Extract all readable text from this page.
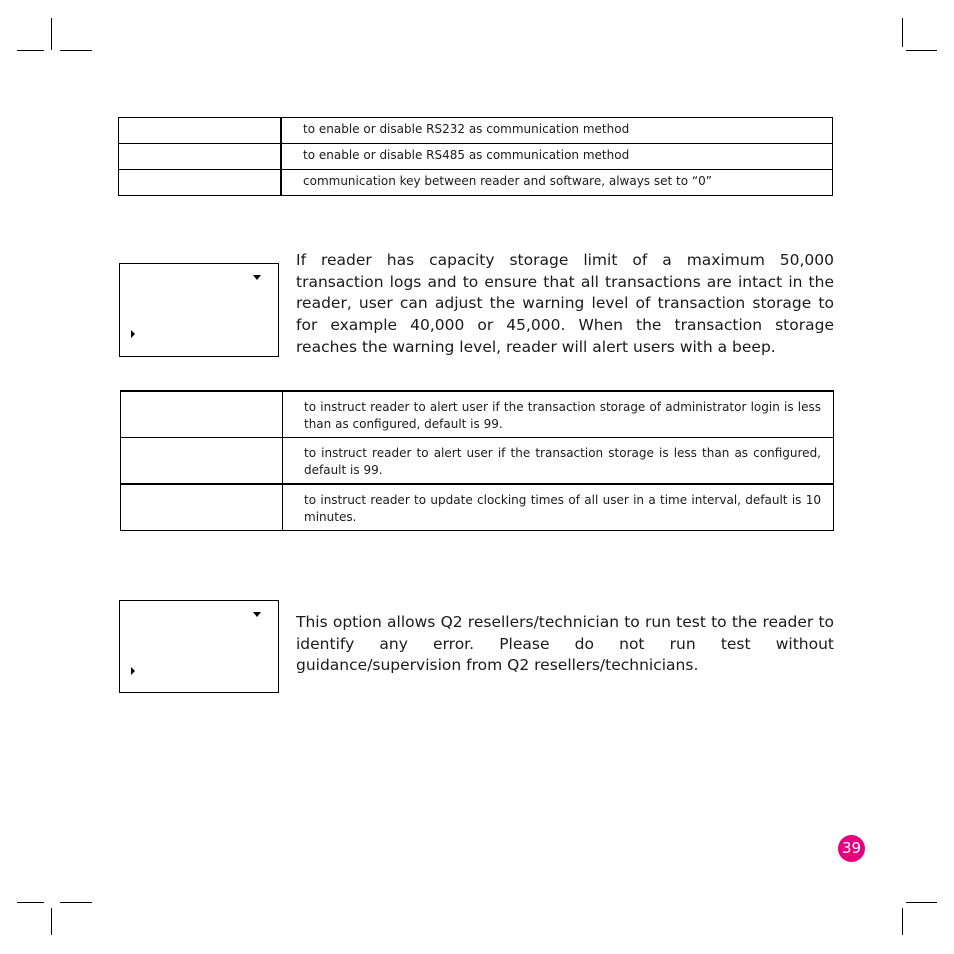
	to enable or disable RS232 as communication method
	to enable or disable RS485 as communication method
	communication key between reader and software, always set to “0”

If reader has capacity storage limit of a maximum 50,000 transaction logs and to ensure that all transactions are intact in the reader, user can adjust the warning level of transaction storage to for example 40,000 or 45,000. When the transaction storage reaches the warning level, reader will alert users with a beep.

	to instruct reader to alert user if the transaction storage of administrator login is less than as configured, default is 99.
	to instruct reader to alert user if the transaction storage is less than as configured, default is 99.
	to instruct reader to update clocking times of all user in a time interval, default is 10 minutes.

This option allows Q2 resellers/technician to run test to the reader to identify any error. Please do not run test without guidance/supervision from Q2 resellers/technicians.

39
